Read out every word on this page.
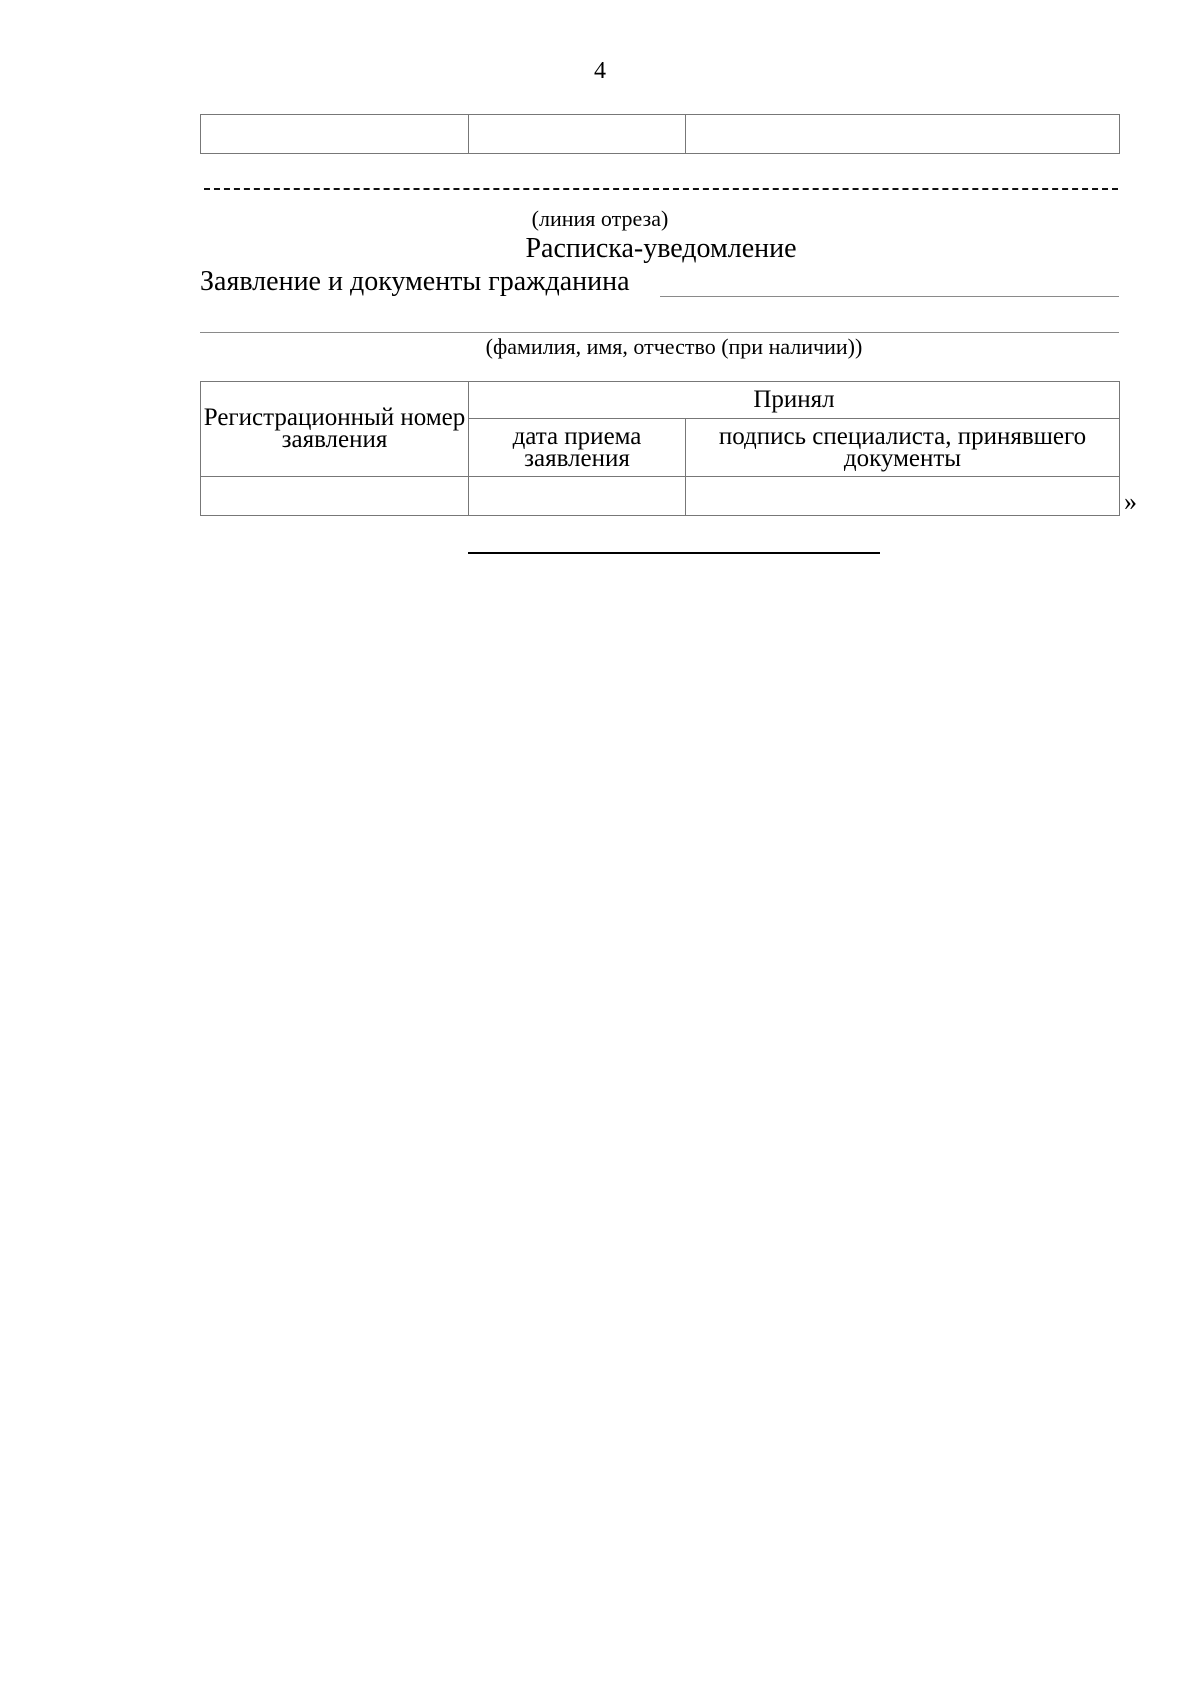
4

(линия отреза)
Расписка-уведомление
Заявление и документы гражданина
(фамилия, имя, отчество (при наличии))
Регистрационный номер заявления	Принял	
	дата приема заявления	подпись специалиста, принявшего документы

»
